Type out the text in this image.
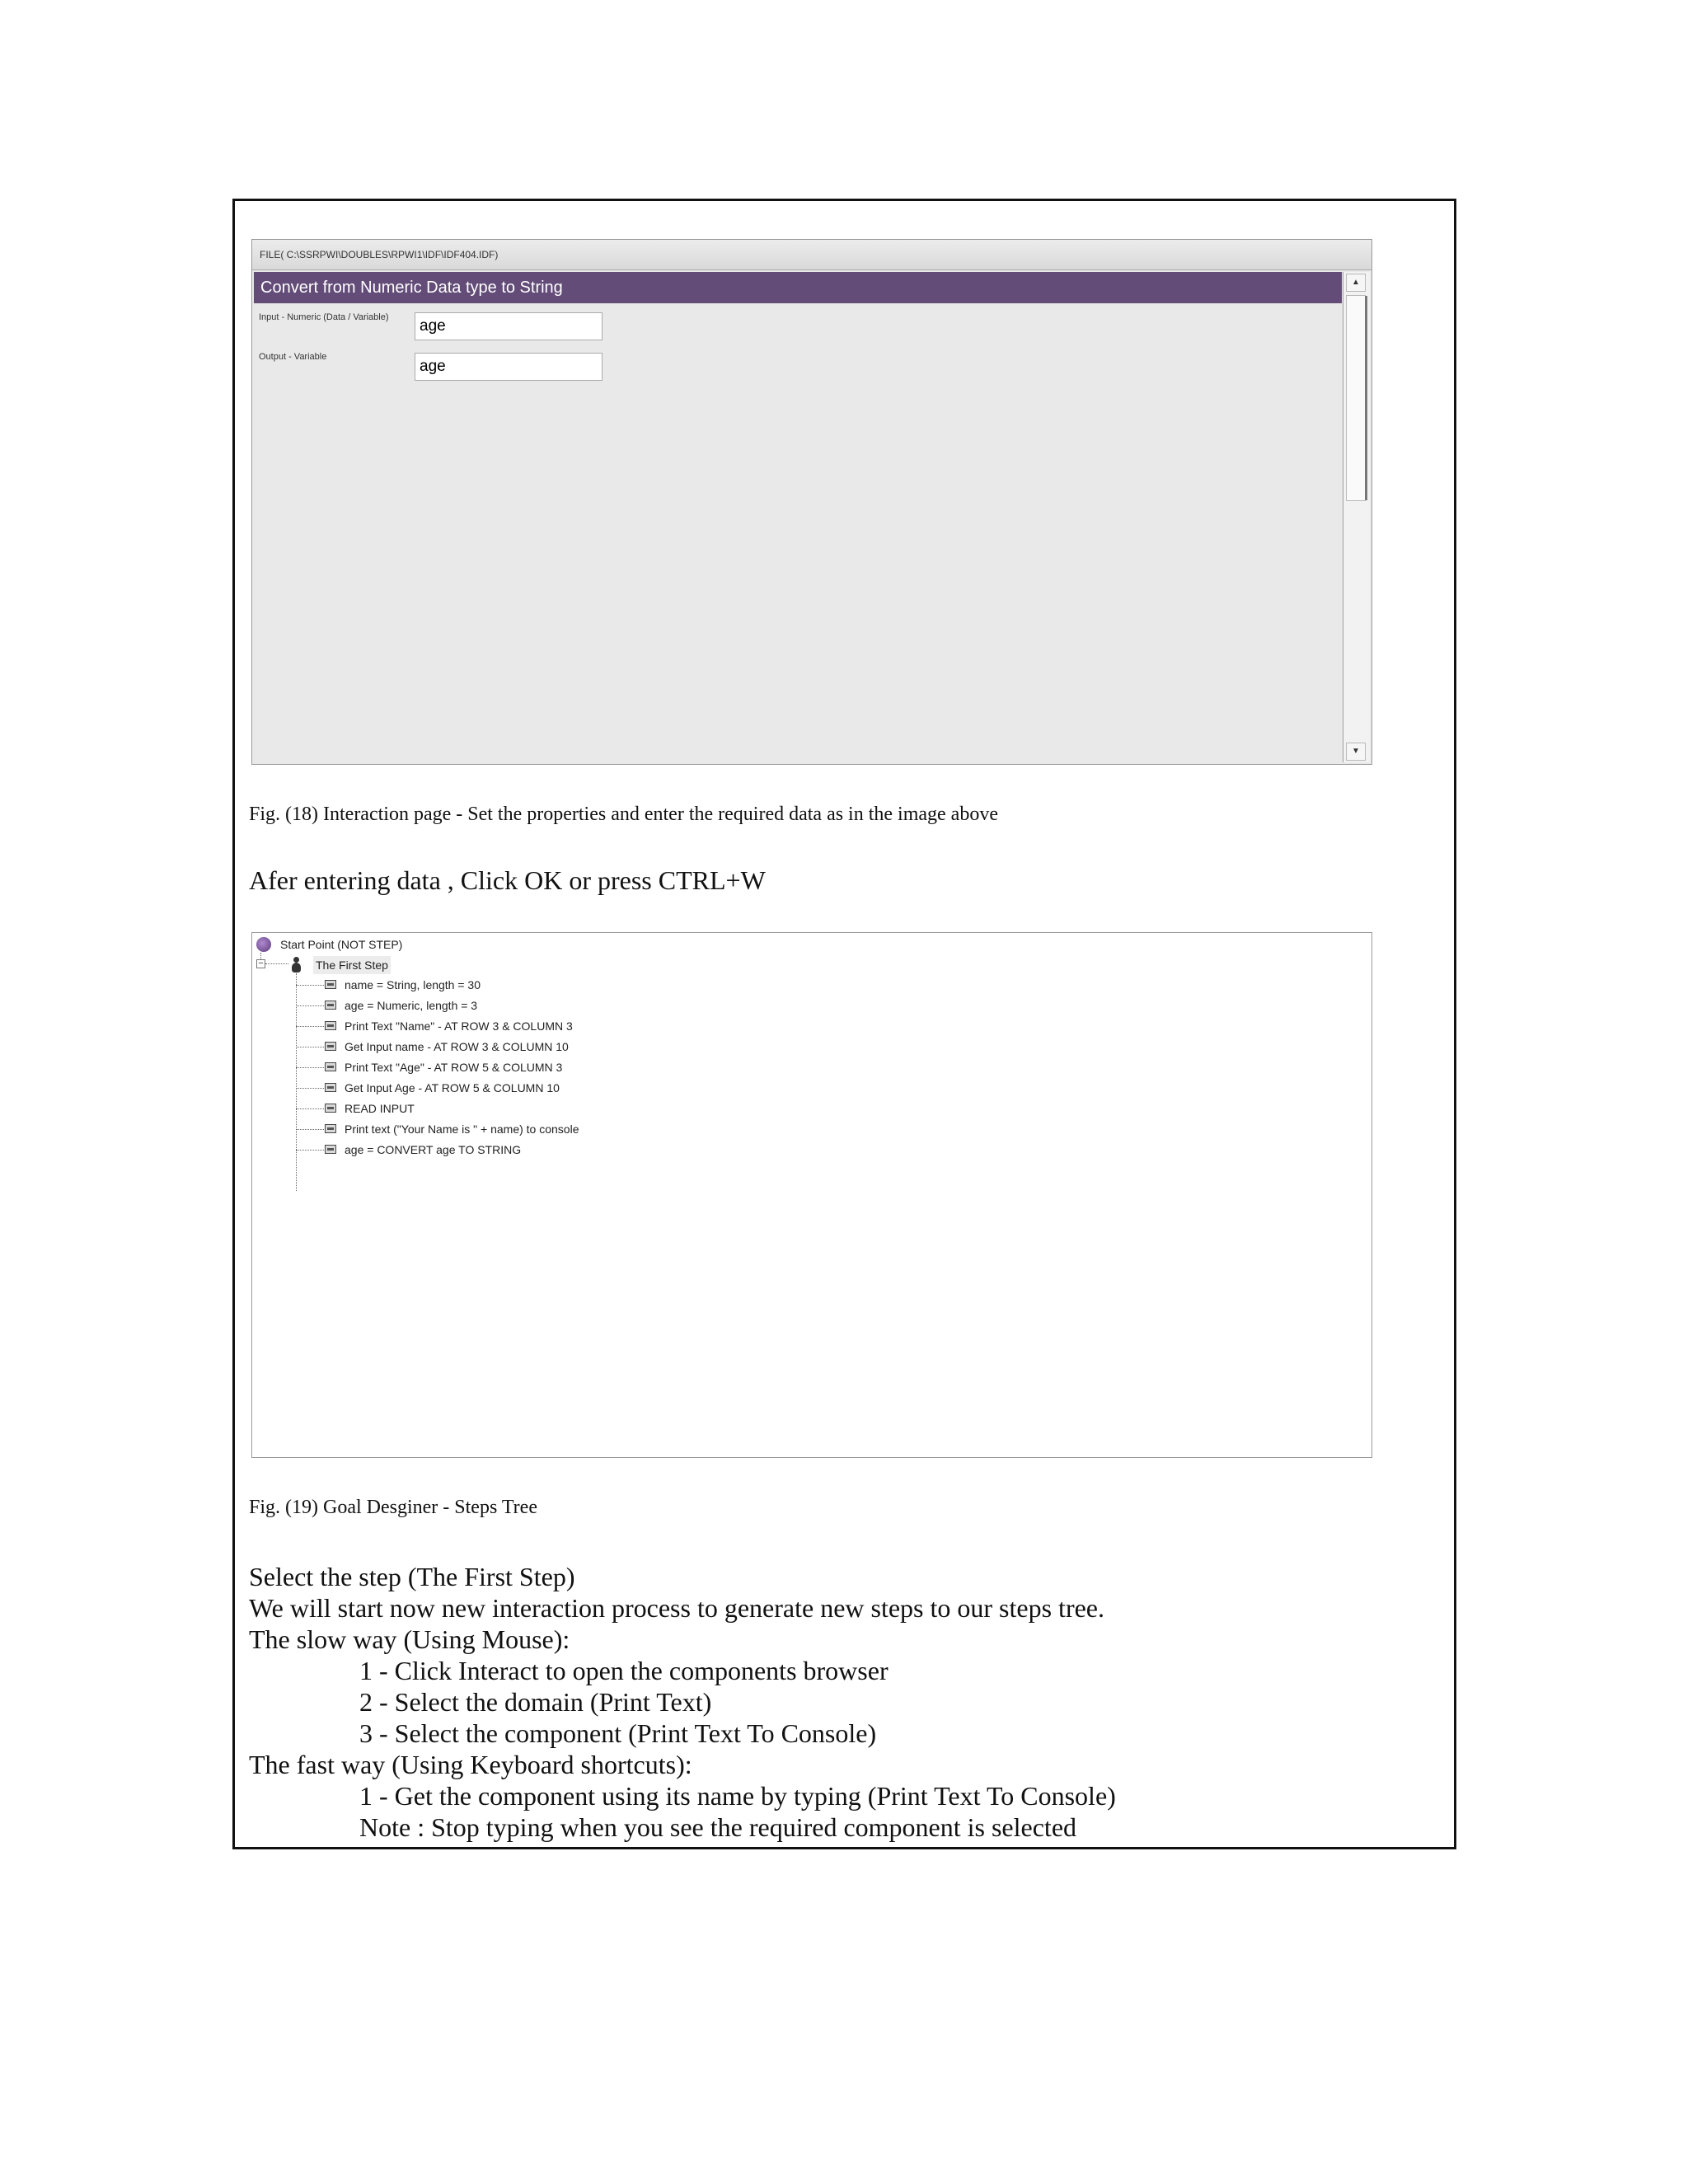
FILE( C:\SSRPWI\DOUBLES\RPWI1\IDF\IDF404.IDF)
Convert from Numeric Data type to String
Input - Numeric (Data / Variable)	age
Output - Variable
age
▲
▼
Fig. (18) Interaction page - Set the properties and enter the required data as in the image above
Afer entering data , Click OK or press CTRL+W
Start Point (NOT STEP)
−	The First Step
name = String, length = 30
age = Numeric, length = 3
Print Text "Name" - AT ROW 3 & COLUMN 3
Get Input name - AT ROW 3 & COLUMN 10
Print Text "Age" - AT ROW 5 & COLUMN 3
Get Input Age - AT ROW 5 & COLUMN 10
READ INPUT
Print text ("Your Name is " + name) to console
age = CONVERT age TO STRING
Fig. (19) Goal Desginer - Steps Tree
Select the step (The First Step)
We will start now new interaction process to generate new steps to our steps tree.
The slow way (Using Mouse):
1 - Click Interact to open the components browser
2 - Select the domain (Print Text)
3 - Select the component (Print Text To Console)
The fast way (Using Keyboard shortcuts):
1 - Get the component using its name by typing (Print Text To Console)
Note : Stop typing when you see the required component is selected
